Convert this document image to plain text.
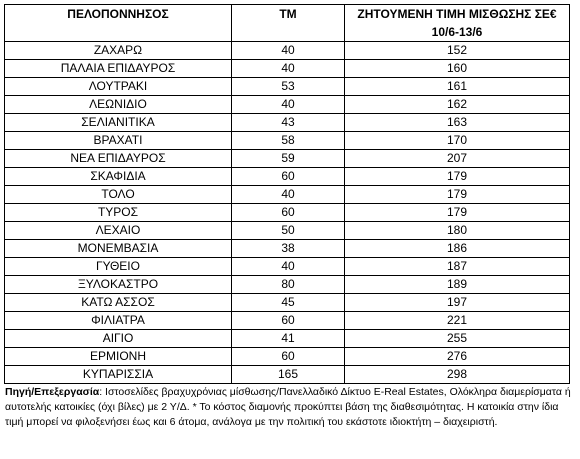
ΠΕΛΟΠΟΝΝΗΣΟΣ	ΤΜ	ΖΗΤΟΥΜΕΝΗ ΤΙΜΗ ΜΙΣΘΩΣΗΣ ΣΕ€ 10/6-13/6

ΖΑΧΑΡΩ	40	152
ΠΑΛΑΙΑ ΕΠΙΔΑΥΡΟΣ	40	160
ΛΟΥΤΡΑΚΙ	53	161
ΛΕΩΝΙΔΙΟ	40	162
ΣΕΛΙΑΝΙΤΙΚΑ	43	163
ΒΡΑΧΑΤΙ	58	170
ΝΕΑ ΕΠΙΔΑΥΡΟΣ	59	207
ΣΚΑΦΙΔΙΑ	60	179
ΤΟΛΟ	40	179
ΤΥΡΟΣ	60	179
ΛΕΧΑΙΟ	50	180
ΜΟΝΕΜΒΑΣΙΑ	38	186
ΓΥΘΕΙΟ	40	187
ΞΥΛΟΚΑΣΤΡΟ	80	189
ΚΑΤΩ ΑΣΣΟΣ	45	197
ΦΙΛΙΑΤΡΑ	60	221
ΑΙΓΙΟ	41	255
ΕΡΜΙΟΝΗ	60	276
ΚΥΠΑΡΙΣΣΙΑ	165	298
Πηγή/Επεξεργασία: Ιστοσελίδες βραχυχρόνιας μίσθωσης/Πανελλαδικό Δίκτυο E-Real Estates, Ολόκληρα διαμερίσματα ή αυτοτελής κατοικίες (όχι βίλες) με 2 Υ/Δ. * Το κόστος διαμονής προκύπτει βάση της διαθεσιμότητας. Η κατοικία στην ίδια τιμή μπορεί να φιλοξενήσει έως και 6 άτομα, ανάλογα με την πολιτική του εκάστοτε ιδιοκτήτη – διαχειριστή.
